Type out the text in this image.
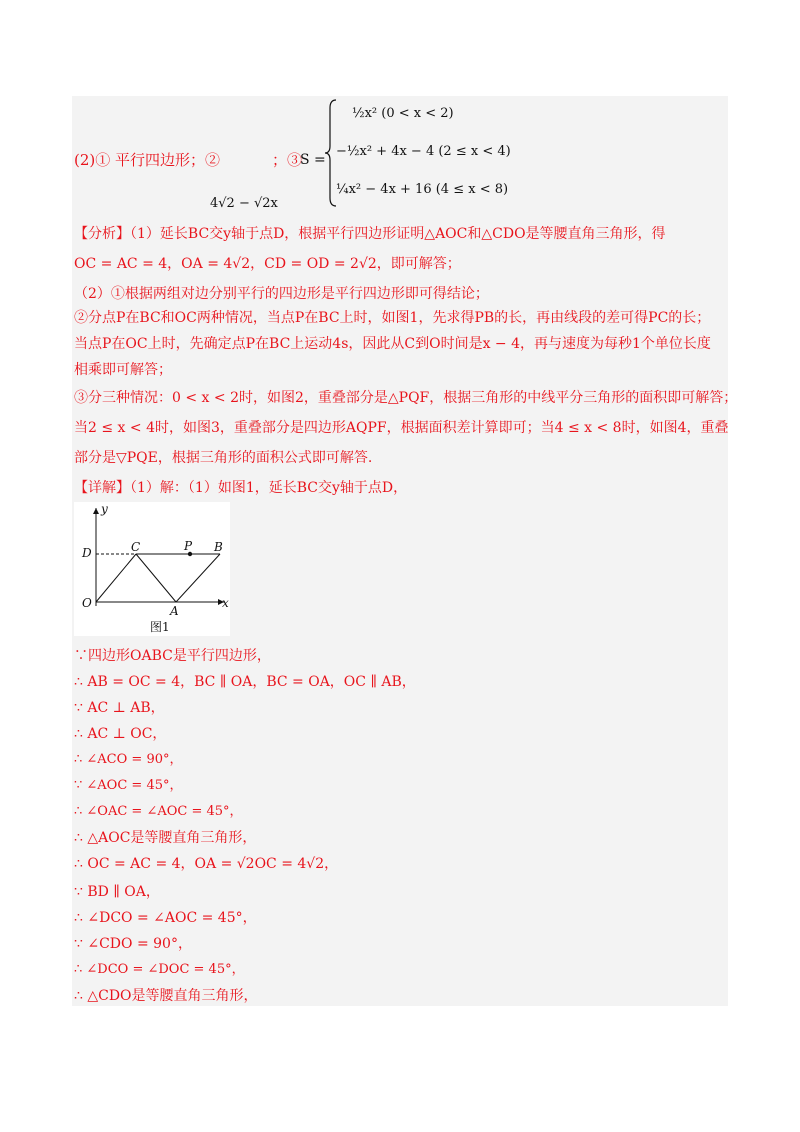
(2)① 平行四边形；②
4√2 − √2x
；③
S =
½x² (0 < x < 2)
−½x² + 4x − 4 (2 ≤ x < 4)
¼x² − 4x + 16 (4 ≤ x < 8)
【分析】（1）延长BC交y轴于点D，根据平行四边形证明△AOC和△CDO是等腰直角三角形，得
OC = AC = 4，OA = 4√2，CD = OD = 2√2，即可解答；
（2）①根据两组对边分别平行的四边形是平行四边形即可得结论；
②分点P在BC和OC两种情况，当点P在BC上时，如图1，先求得PB的长，再由线段的差可得PC的长；
当点P在OC上时，先确定点P在BC上运动4s，因此从C到O时间是x − 4，再与速度为每秒1个单位长度
相乘即可解答；
③分三种情况：0 < x < 2时，如图2，重叠部分是△PQF，根据三角形的中线平分三角形的面积即可解答；
当2 ≤ x < 4时，如图3，重叠部分是四边形AQPF，根据面积差计算即可；当4 ≤ x < 8时，如图4，重叠
部分是▽PQE，根据三角形的面积公式即可解答.
【详解】（1）解：（1）如图1，延长BC交y轴于点D，
y
x
O
D	C	P B
A
图1
∵四边形OABC是平行四边形，
∴ AB = OC = 4，BC ∥ OA，BC = OA，OC ∥ AB，
∵ AC ⊥ AB，
∴ AC ⊥ OC，
∴ ∠ACO = 90°，
∵ ∠AOC = 45°，
∴ ∠OAC = ∠AOC = 45°，
∴ △AOC是等腰直角三角形，
∴ OC = AC = 4，OA = √2OC = 4√2，
∵ BD ∥ OA，
∴ ∠DCO = ∠AOC = 45°，
∵ ∠CDO = 90°，
∴ ∠DCO = ∠DOC = 45°，
∴ △CDO是等腰直角三角形，
